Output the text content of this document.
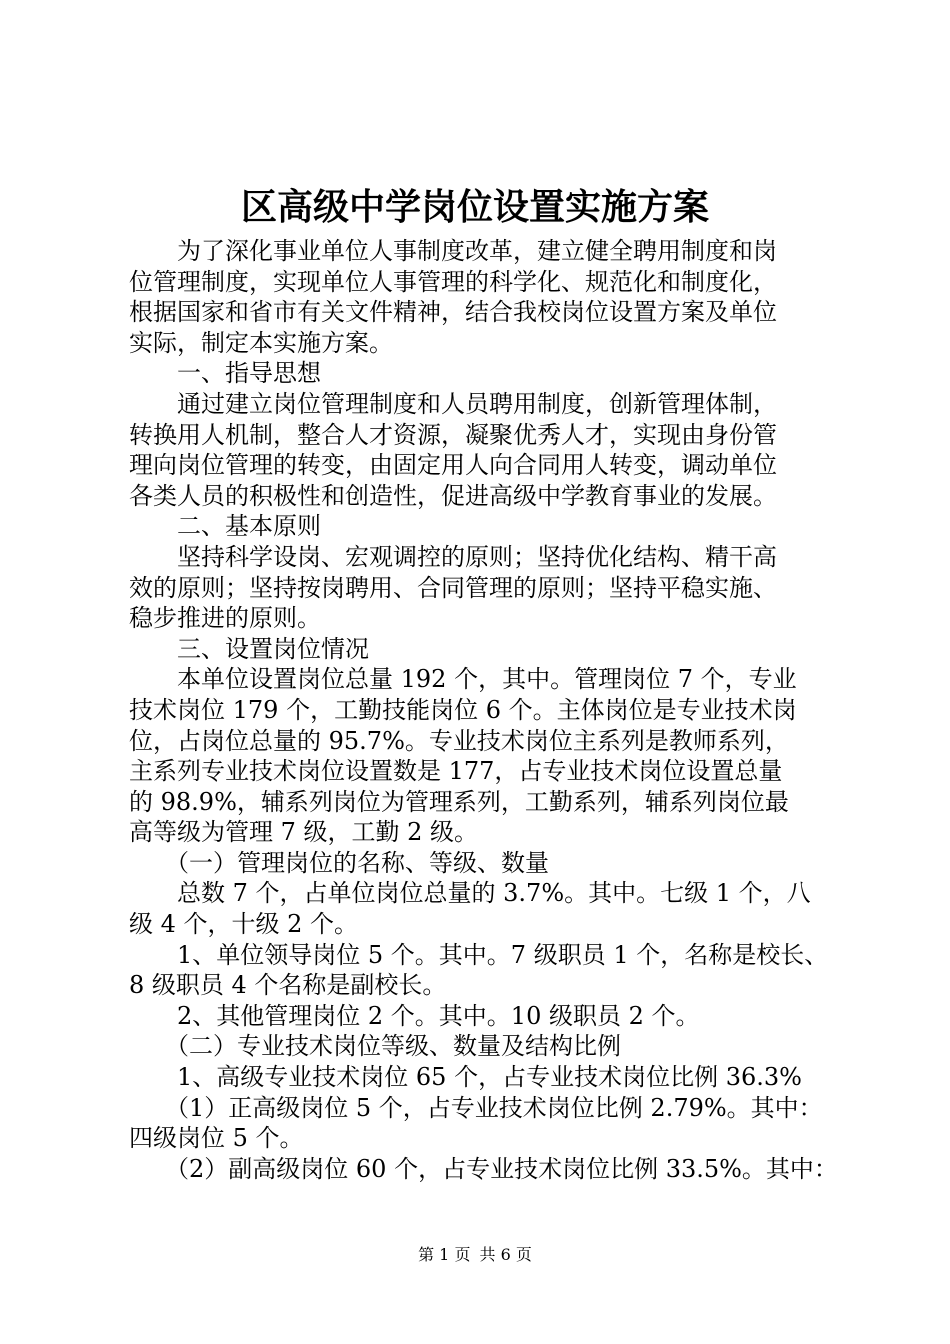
区高级中学岗位设置实施方案
　　为了深化事业单位人事制度改革，建立健全聘用制度和岗
位管理制度，实现单位人事管理的科学化、规范化和制度化，
根据国家和省市有关文件精神，结合我校岗位设置方案及单位
实际，制定本实施方案。
　　一、指导思想
　　通过建立岗位管理制度和人员聘用制度，创新管理体制，
转换用人机制，整合人才资源，凝聚优秀人才，实现由身份管
理向岗位管理的转变，由固定用人向合同用人转变，调动单位
各类人员的积极性和创造性，促进高级中学教育事业的发展。
　　二、基本原则
　　坚持科学设岗、宏观调控的原则；坚持优化结构、精干高
效的原则；坚持按岗聘用、合同管理的原则；坚持平稳实施、
稳步推进的原则。
　　三、设置岗位情况
　　本单位设置岗位总量 192 个，其中。管理岗位 7 个，专业
技术岗位 179 个，工勤技能岗位 6 个。主体岗位是专业技术岗
位，占岗位总量的 95.7%。专业技术岗位主系列是教师系列，
主系列专业技术岗位设置数是 177，占专业技术岗位设置总量
的 98.9%，辅系列岗位为管理系列，工勤系列，辅系列岗位最
高等级为管理 7 级，工勤 2 级。
　　（一）管理岗位的名称、等级、数量
　　总数 7 个，占单位岗位总量的 3.7%。其中。七级 1 个，八
级 4 个，十级 2 个。
　　1、单位领导岗位 5 个。其中。7 级职员 1 个，名称是校长、
8 级职员 4 个名称是副校长。
　　2、其他管理岗位 2 个。其中。10 级职员 2 个。
　　（二）专业技术岗位等级、数量及结构比例
　　1、高级专业技术岗位 65 个，占专业技术岗位比例 36.3%
　　（1）正高级岗位 5 个，占专业技术岗位比例 2.79%。其中：
四级岗位 5 个。
　　（2）副高级岗位 60 个，占专业技术岗位比例 33.5%。其中：
第 1 页 共 6 页
